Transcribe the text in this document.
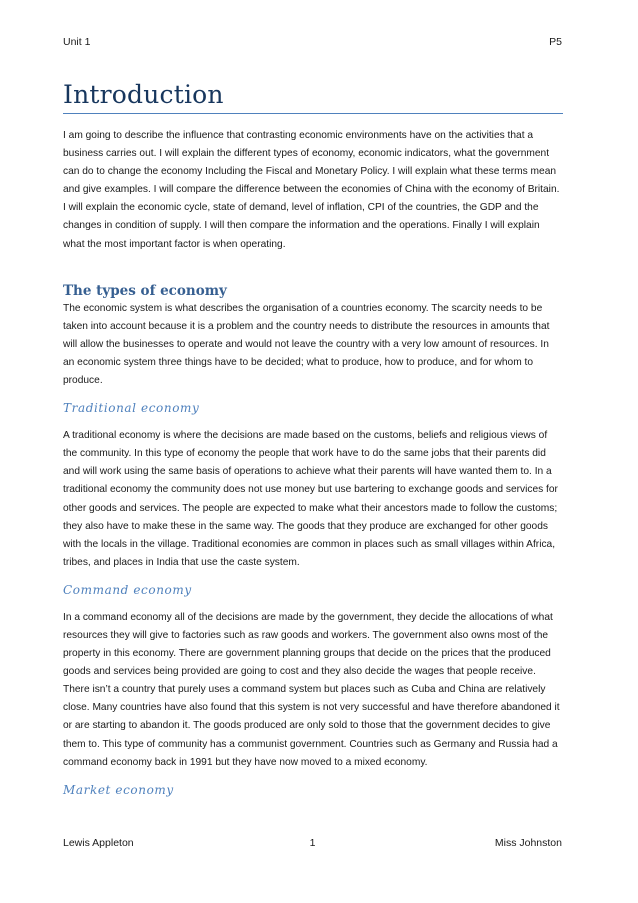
Unit 1	P5
Introduction

I am going to describe the influence that contrasting economic environments have on the activities that a business carries out. I will explain the different types of economy, economic indicators, what the government can do to change the economy Including the Fiscal and Monetary Policy. I will explain what these terms mean and give examples. I will compare the difference between the economies of China with the economy of Britain. I will explain the economic cycle, state of demand, level of inflation, CPI of the countries, the GDP and the changes in condition of supply. I will then compare the information and the operations. Finally I will explain what the most important factor is when operating.

The types of economy

The economic system is what describes the organisation of a countries economy. The scarcity needs to be taken into account because it is a problem and the country needs to distribute the resources in amounts that will allow the businesses to operate and would not leave the country with a very low amount of resources. In an economic system three things have to be decided; what to produce, how to produce, and for whom to produce.

Traditional economy

A traditional economy is where the decisions are made based on the customs, beliefs and religious views of the community. In this type of economy the people that work have to do the same jobs that their parents did and will work using the same basis of operations to achieve what their parents will have wanted them to. In a traditional economy the community does not use money but use bartering to exchange goods and services for other goods and services. The people are expected to make what their ancestors made to follow the customs; they also have to make these in the same way. The goods that they produce are exchanged for other goods with the locals in the village. Traditional economies are common in places such as small villages within Africa, tribes, and places in India that use the caste system.

Command economy

In a command economy all of the decisions are made by the government, they decide the allocations of what resources they will give to factories such as raw goods and workers. The government also owns most of the property in this economy. There are government planning groups that decide on the prices that the produced goods and services being provided are going to cost and they also decide the wages that people receive. There isn’t a country that purely uses a command system but places such as Cuba and China are relatively close. Many countries have also found that this system is not very successful and have therefore abandoned it or are starting to abandon it. The goods produced are only sold to those that the government decides to give them to. This type of community has a communist government. Countries such as Germany and Russia had a command economy back in 1991 but they have now moved to a mixed economy.

Market economy
Lewis Appleton	1	Miss Johnston
